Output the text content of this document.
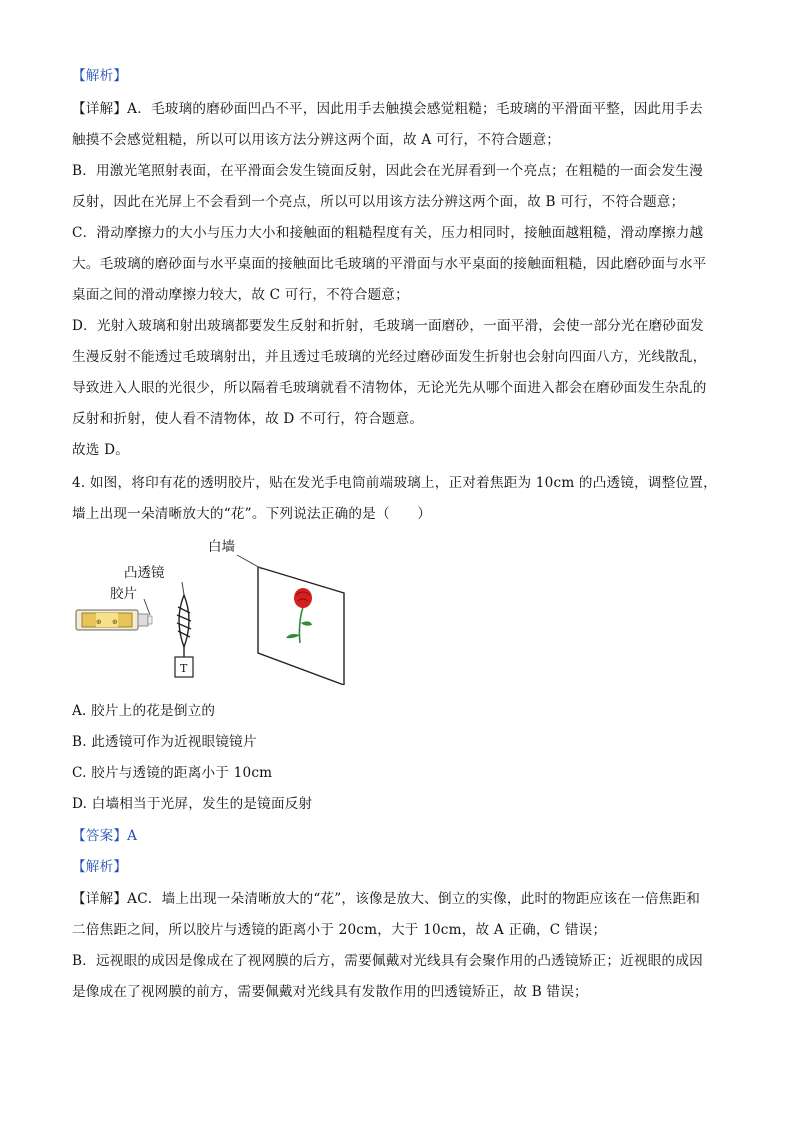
【解析】
【详解】A．毛玻璃的磨砂面凹凸不平，因此用手去触摸会感觉粗糙；毛玻璃的平滑面平整，因此用手去
触摸不会感觉粗糙，所以可以用该方法分辨这两个面，故 A 可行，不符合题意；
B．用激光笔照射表面，在平滑面会发生镜面反射，因此会在光屏看到一个亮点；在粗糙的一面会发生漫
反射，因此在光屏上不会看到一个亮点，所以可以用该方法分辨这两个面，故 B 可行，不符合题意；
C．滑动摩擦力的大小与压力大小和接触面的粗糙程度有关，压力相同时，接触面越粗糙，滑动摩擦力越
大。毛玻璃的磨砂面与水平桌面的接触面比毛玻璃的平滑面与水平桌面的接触面粗糙，因此磨砂面与水平
桌面之间的滑动摩擦力较大，故 C 可行，不符合题意；
D．光射入玻璃和射出玻璃都要发生反射和折射，毛玻璃一面磨砂，一面平滑，会使一部分光在磨砂面发
生漫反射不能透过毛玻璃射出，并且透过毛玻璃的光经过磨砂面发生折射也会射向四面八方，光线散乱，
导致进入人眼的光很少，所以隔着毛玻璃就看不清物体，无论光先从哪个面进入都会在磨砂面发生杂乱的
反射和折射，使人看不清物体，故 D 不可行，符合题意。
故选 D。
4. 如图，将印有花的透明胶片，贴在发光手电筒前端玻璃上，正对着焦距为 10cm 的凸透镜，调整位置，
墙上出现一朵清晰放大的“花”。下列说法正确的是（　　）
⊕ ⊕
胶片
T
凸透镜
白墙
A. 胶片上的花是倒立的
B. 此透镜可作为近视眼镜镜片
C. 胶片与透镜的距离小于 10cm
D. 白墙相当于光屏，发生的是镜面反射
【答案】A
【解析】
【详解】AC．墙上出现一朵清晰放大的“花”，该像是放大、倒立的实像，此时的物距应该在一倍焦距和
二倍焦距之间，所以胶片与透镜的距离小于 20cm，大于 10cm，故 A 正确，C 错误；
B．远视眼的成因是像成在了视网膜的后方，需要佩戴对光线具有会聚作用的凸透镜矫正；近视眼的成因
是像成在了视网膜的前方，需要佩戴对光线具有发散作用的凹透镜矫正，故 B 错误；
